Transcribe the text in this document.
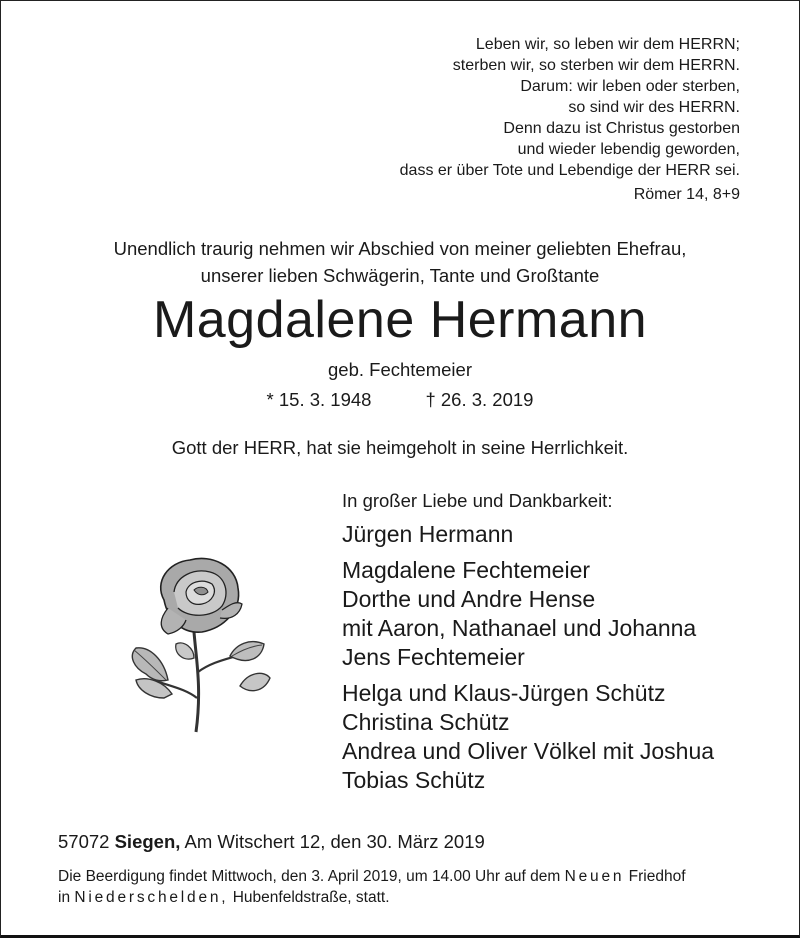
Leben wir, so leben wir dem HERRN;
sterben wir, so sterben wir dem HERRN.
Darum: wir leben oder sterben,
so sind wir des HERRN.
Denn dazu ist Christus gestorben
und wieder lebendig geworden,
dass er über Tote und Lebendige der HERR sei.
Römer 14, 8+9
Unendlich traurig nehmen wir Abschied von meiner geliebten Ehefrau,
unserer lieben Schwägerin, Tante und Großtante
Magdalene Hermann
geb. Fechtemeier
* 15. 3. 1948	† 26. 3. 2019
Gott der HERR, hat sie heimgeholt in seine Herrlichkeit.
In großer Liebe und Dankbarkeit:
Jürgen Hermann
Magdalene Fechtemeier
Dorthe und Andre Hense
mit Aaron, Nathanael und Johanna
Jens Fechtemeier
Helga und Klaus-Jürgen Schütz
Christina Schütz
Andrea und Oliver Völkel mit Joshua
Tobias Schütz
57072 Siegen, Am Witschert 12, den 30. März 2019
Die Beerdigung findet Mittwoch, den 3. April 2019, um 14.00 Uhr auf dem Neuen Friedhof
in Niederschelden, Hubenfeldstraße, statt.
